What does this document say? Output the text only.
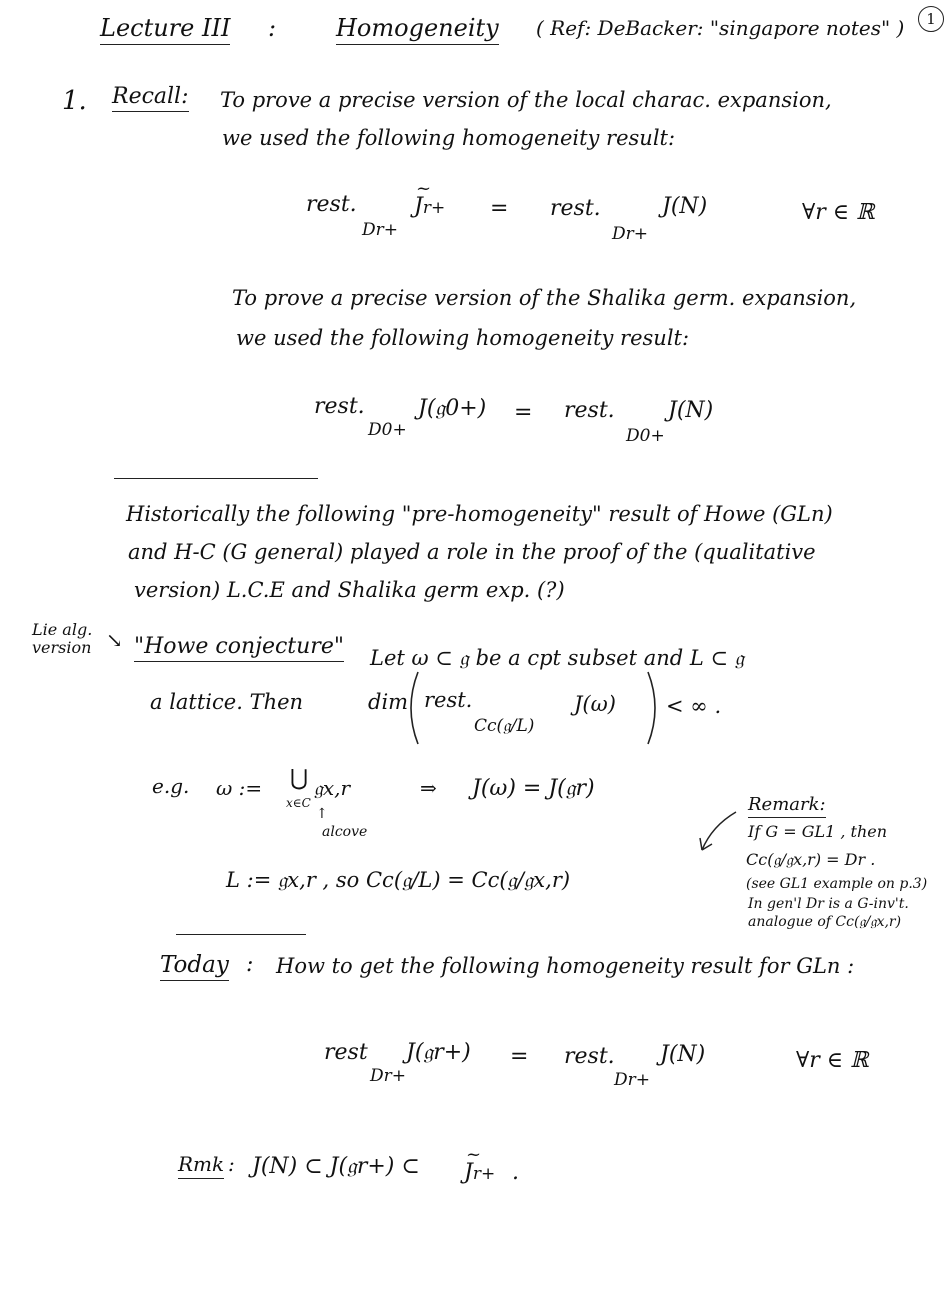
Lecture III : Homogeneity ( Ref: DeBacker: "singapore notes" )	1
1. Recall: To prove a precise version of the local charac. expansion,
we used the following homogeneity result:
rest.
Dr+
~ Jr+ = rest.
Dr+
J(N)	∀r ∈ ℝ
To prove a precise version of the Shalika germ. expansion,
we used the following homogeneity result:
rest.
D0+
J(𝔤0+) = rest.
D0+
J(N)
Historically the following "pre-homogeneity" result of Howe (GLn)
and H-C (G general) played a role in the proof of the (qualitative
version) L.C.E and Shalika germ exp. (?)
Lie alg.
version ↘ "Howe conjecture" Let ω ⊂ 𝔤 be a cpt subset and L ⊂ 𝔤
a lattice. Then	dim rest.
Cc(𝔤/L)
J(ω) < ∞ .
e.g. ω := ⋃
x∈C
𝔤x,r
↑
alcove
⇒ J(ω) = J(𝔤r)
L := 𝔤x,r , so Cc(𝔤/L) = Cc(𝔤/𝔤x,r)
Remark:
If G = GL1 , then
Cc(𝔤/𝔤x,r) = Dr .
(see GL1 example on p.3)
In gen'l Dr is a G-inv't.
analogue of Cc(𝔤/𝔤x,r)
Today : How to get the following homogeneity result for GLn :
rest
Dr+
J(𝔤r+) = rest.
Dr+
J(N)	∀r ∈ ℝ
Rmk : J(N) ⊂ J(𝔤r+) ⊂
~ Jr+ .
